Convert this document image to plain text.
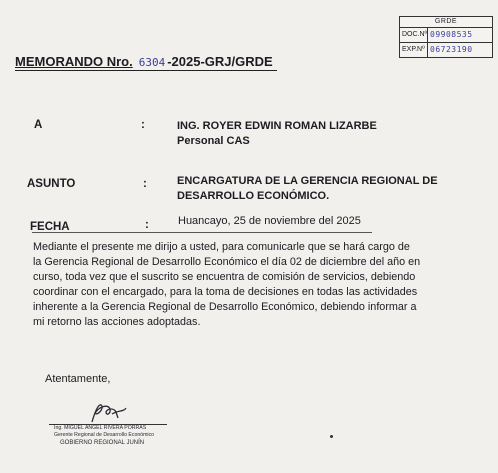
GRDE
DOC.Nº 09908535
EXP.Nº 06723190
MEMORANDO Nro. 6304 -2025-GRJ/GRDE
A	:	ING. ROYER EDWIN ROMAN LIZARBE
Personal CAS
ASUNTO	:	ENCARGATURA DE LA GERENCIA REGIONAL DE
DESARROLLO ECONÓMICO.
FECHA	:	Huancayo, 25 de noviembre del 2025
Mediante el presente me dirijo a usted, para comunicarle que se hará cargo de
la Gerencia Regional de Desarrollo Económico el día 02 de diciembre del año en
curso, toda vez que el suscrito se encuentra de comisión de servicios, debiendo
coordinar con el encargado, para la toma de decisiones en todas las actividades
inherente a la Gerencia Regional de Desarrollo Económico, debiendo informar a
mi retorno las acciones adoptadas.
Atentamente,
Ing. MIGUEL ANGEL RIVERA PORRAS
Gerente Regional de Desarrollo Económico
GOBIERNO REGIONAL JUNÍN
